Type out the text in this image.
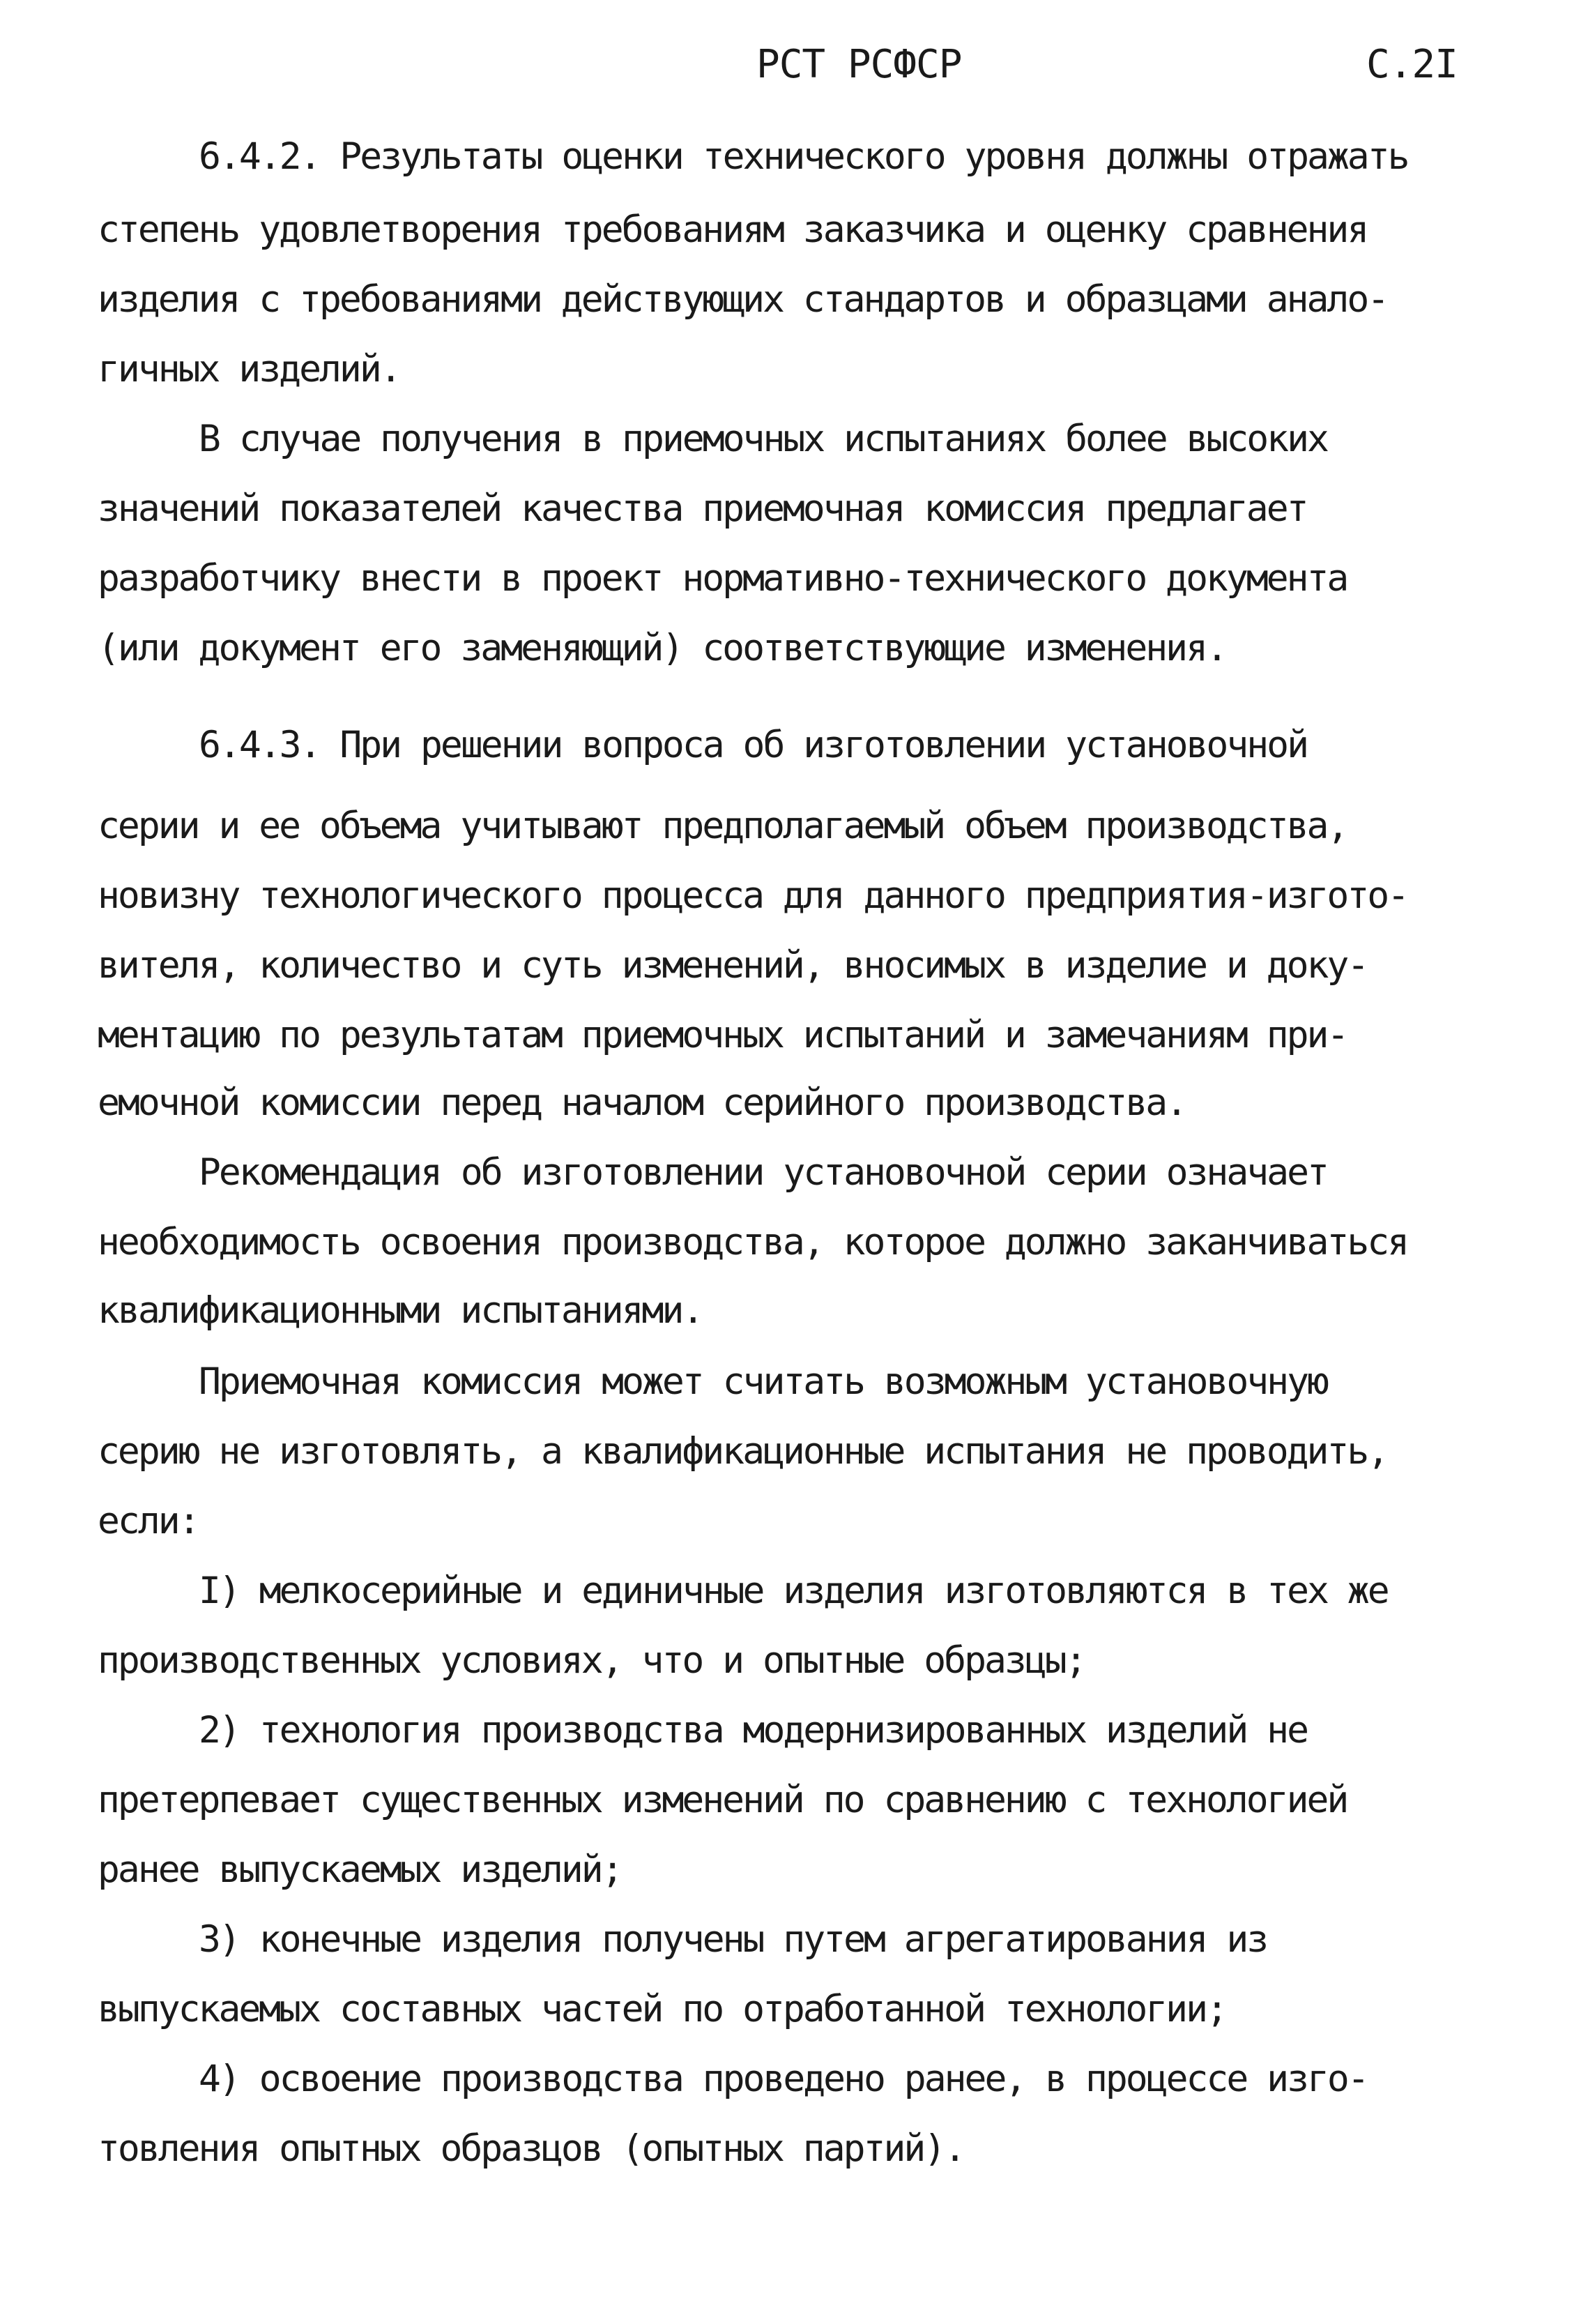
РСТ РСФСР	С.2I
6.4.2. Результаты оценки технического уровня должны отражать
степень удовлетворения требованиям заказчика и оценку сравнения
изделия с требованиями действующих стандартов и образцами анало-
гичных изделий.
В случае получения в приемочных испытаниях более высоких
значений показателей качества приемочная комиссия предлагает
разработчику внести в проект нормативно-технического документа
(или документ его заменяющий) соответствующие изменения.
6.4.3. При решении вопроса об изготовлении установочной
серии и ее объема учитывают предполагаемый объем производства,
новизну технологического процесса для данного предприятия-изгото-
вителя, количество и суть изменений, вносимых в изделие и доку-
ментацию по результатам приемочных испытаний и замечаниям при-
емочной комиссии перед началом серийного производства.
Рекомендация об изготовлении установочной серии означает
необходимость освоения производства, которое должно заканчиваться
квалификационными испытаниями.
Приемочная комиссия может считать возможным установочную
серию не изготовлять, а квалификационные испытания не проводить,
если:
I) мелкосерийные и единичные изделия изготовляются в тех же
производственных условиях, что и опытные образцы;
2) технология производства модернизированных изделий не
претерпевает существенных изменений по сравнению с технологией
ранее выпускаемых изделий;
3) конечные изделия получены путем агрегатирования из
выпускаемых составных частей по отработанной технологии;
4) освоение производства проведено ранее, в процессе изго-
товления опытных образцов (опытных партий).
